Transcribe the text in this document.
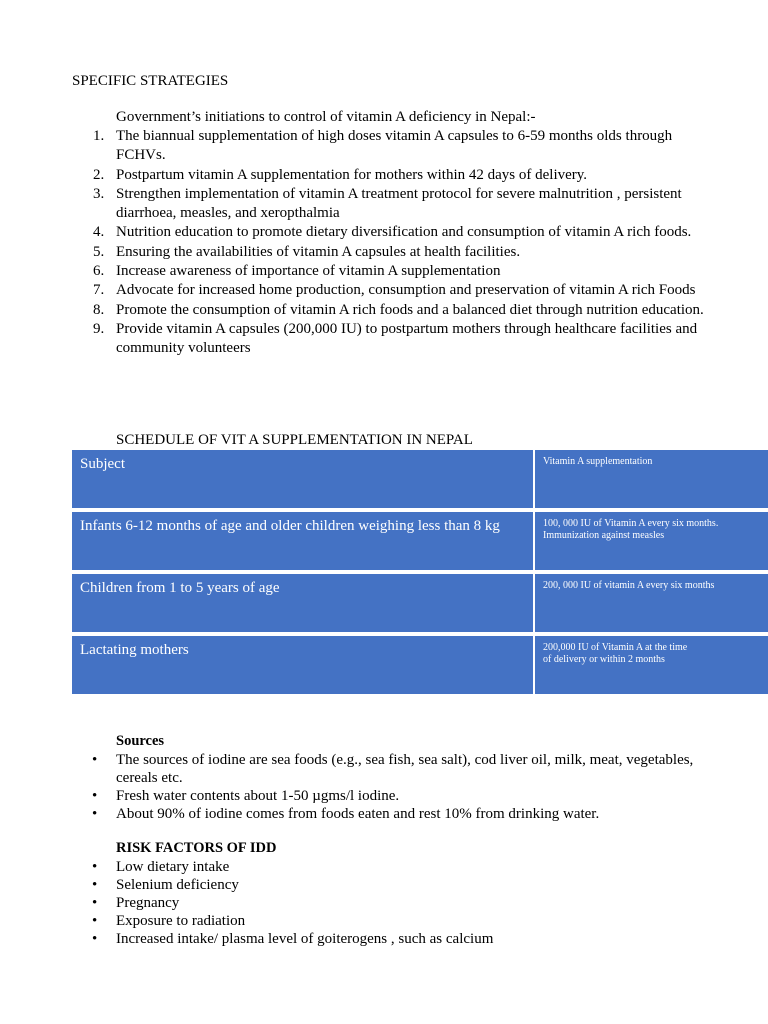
SPECIFIC STRATEGIES
Government’s initiations to control of vitamin A deficiency in Nepal:-
1. The biannual supplementation of high doses vitamin A capsules to 6-59 months olds through FCHVs.
2. Postpartum vitamin A supplementation for mothers within 42 days of delivery.
3. Strengthen implementation of vitamin A treatment protocol for severe malnutrition , persistent diarrhoea, measles, and xeropthalmia
4. Nutrition education to promote dietary diversification and consumption of vitamin A rich foods.
5. Ensuring the availabilities of vitamin A capsules at health facilities.
6. Increase awareness of importance of vitamin A supplementation
7. Advocate for increased home production, consumption and preservation of vitamin A rich Foods
8. Promote the consumption of vitamin A rich foods and a balanced diet through nutrition education.
9. Provide vitamin A capsules (200,000 IU) to postpartum mothers through healthcare facilities and community volunteers
SCHEDULE OF VIT A SUPPLEMENTATION IN NEPAL
Subject	Vitamin A supplementation
Infants 6-12 months of age and older children weighing less than 8 kg	100, 000 IU of Vitamin A every six months.
Immunization against measles
Children from 1 to 5 years of age	200, 000 IU of vitamin A every six months
Lactating mothers	200,000 IU of Vitamin A at the time
of delivery or within 2 months
Sources
• The sources of iodine are sea foods (e.g., sea fish, sea salt), cod liver oil, milk, meat, vegetables, cereals etc.
• Fresh water contents about 1-50 µgms/l iodine.
• About 90% of iodine comes from foods eaten and rest 10% from drinking water.
RISK FACTORS OF IDD
• Low dietary intake
• Selenium deficiency
• Pregnancy
• Exposure to radiation
• Increased intake/ plasma level of goiterogens , such as calcium
